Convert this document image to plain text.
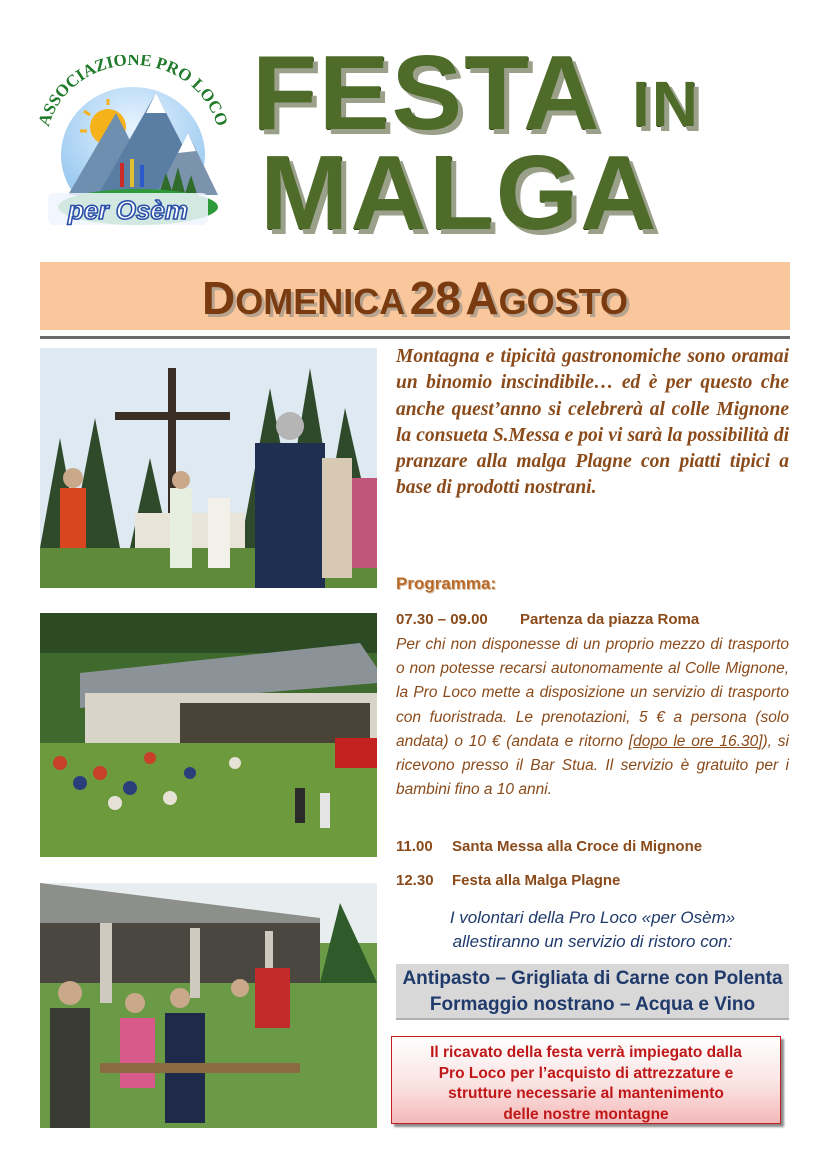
SSOCIAZIONE PRO LOC
per Osèm
FESTA IN
MALGA
DOMENICA 28 AGOSTO
Montagna e tipicità gastronomiche sono oramai un binomio inscindibile… ed è per questo che anche quest’anno si celebrerà al colle Mignone la consueta S.Messa e poi vi sarà la possibilità di pranzare alla malga Plagne con piatti tipici a base di prodotti nostrani.
Programma:
07.30 – 09.00 Partenza da piazza Roma
Per chi non disponesse di un proprio mezzo di trasporto o non potesse recarsi autonomamente al Colle Mignone, la Pro Loco mette a disposizione un servizio di trasporto con fuoristrada. Le prenotazioni, 5 € a persona (solo andata) o 10 € (andata e ritorno [dopo le ore 16.30]), si ricevono presso il Bar Stua. Il servizio è gratuito per i bambini fino a 10 anni.
11.00 Santa Messa alla Croce di Mignone
12.30 Festa alla Malga Plagne
I volontari della Pro Loco «per Osèm»
allestiranno un servizio di ristoro con:
Antipasto – Grigliata di Carne con Polenta
Formaggio nostrano – Acqua e Vino
Il ricavato della festa verrà impiegato dalla
Pro Loco per l’acquisto di attrezzature e
strutture necessarie al mantenimento
delle nostre montagne
